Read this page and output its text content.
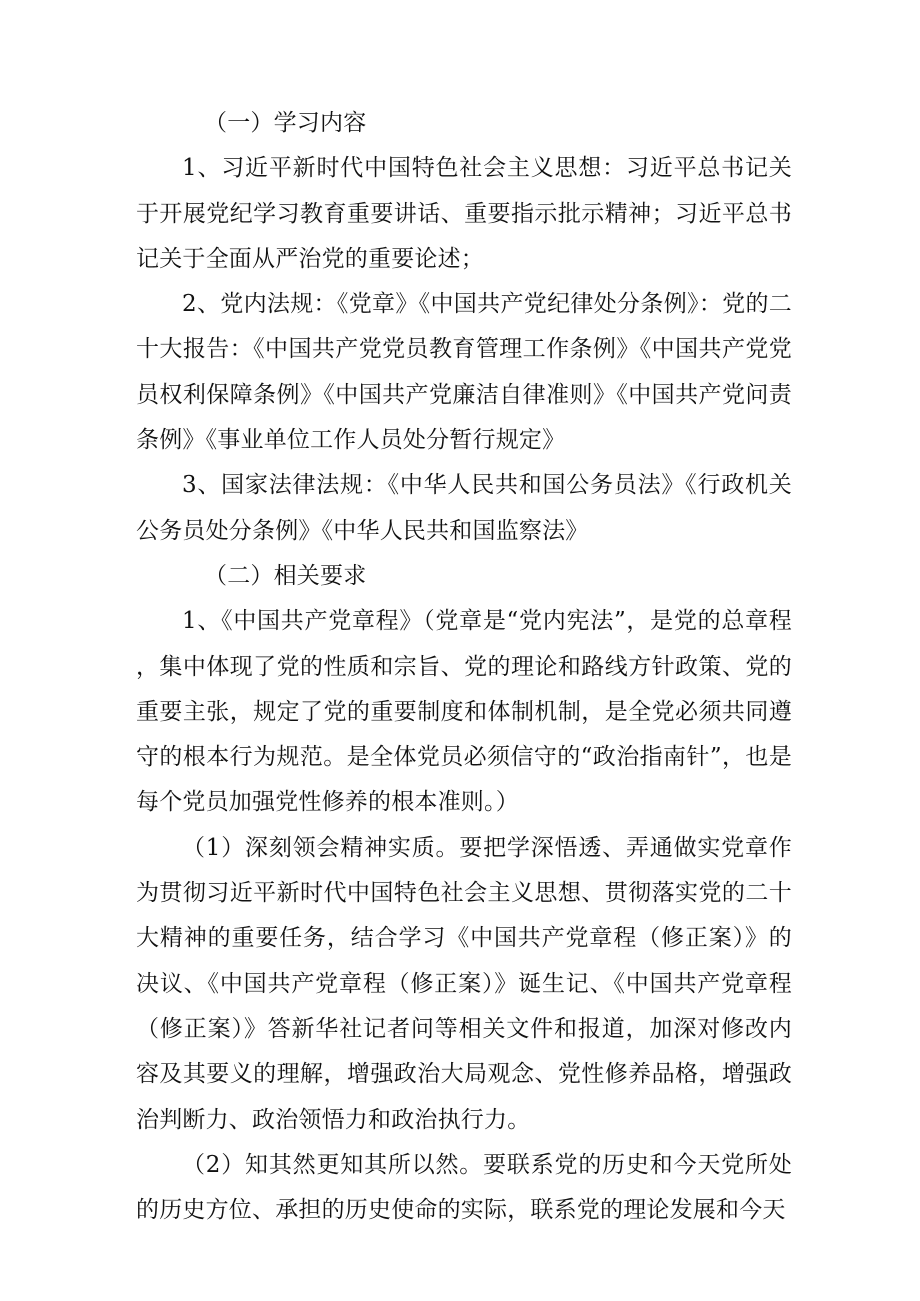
（一）学习内容

1、习近平新时代中国特色社会主义思想：习近平总书记关于开展党纪学习教育重要讲话、重要指示批示精神；习近平总书记关于全面从严治党的重要论述；

2、党内法规：《党章》《中国共产党纪律处分条例》：党的二十大报告：《中国共产党党员教育管理工作条例》《中国共产党党员权利保障条例》《中国共产党廉洁自律准则》《中国共产党问责条例》《事业单位工作人员处分暂行规定》

3、国家法律法规：《中华人民共和国公务员法》《行政机关公务员处分条例》《中华人民共和国监察法》

（二）相关要求

1、《中国共产党章程》（党章是“党内宪法”，是党的总章程，集中体现了党的性质和宗旨、党的理论和路线方针政策、党的重要主张，规定了党的重要制度和体制机制，是全党必须共同遵守的根本行为规范。是全体党员必须信守的“政治指南针”，也是每个党员加强党性修养的根本准则。）

（1）深刻领会精神实质。要把学深悟透、弄通做实党章作为贯彻习近平新时代中国特色社会主义思想、贯彻落实党的二十大精神的重要任务，结合学习《中国共产党章程（修正案）》的决议、《中国共产党章程（修正案）》诞生记、《中国共产党章程（修正案）》答新华社记者问等相关文件和报道，加深对修改内容及其要义的理解，增强政治大局观念、党性修养品格，增强政治判断力、政治领悟力和政治执行力。

（2）知其然更知其所以然。要联系党的历史和今天党所处的历史方位、承担的历史使命的实际，联系党的理论发展和今天
